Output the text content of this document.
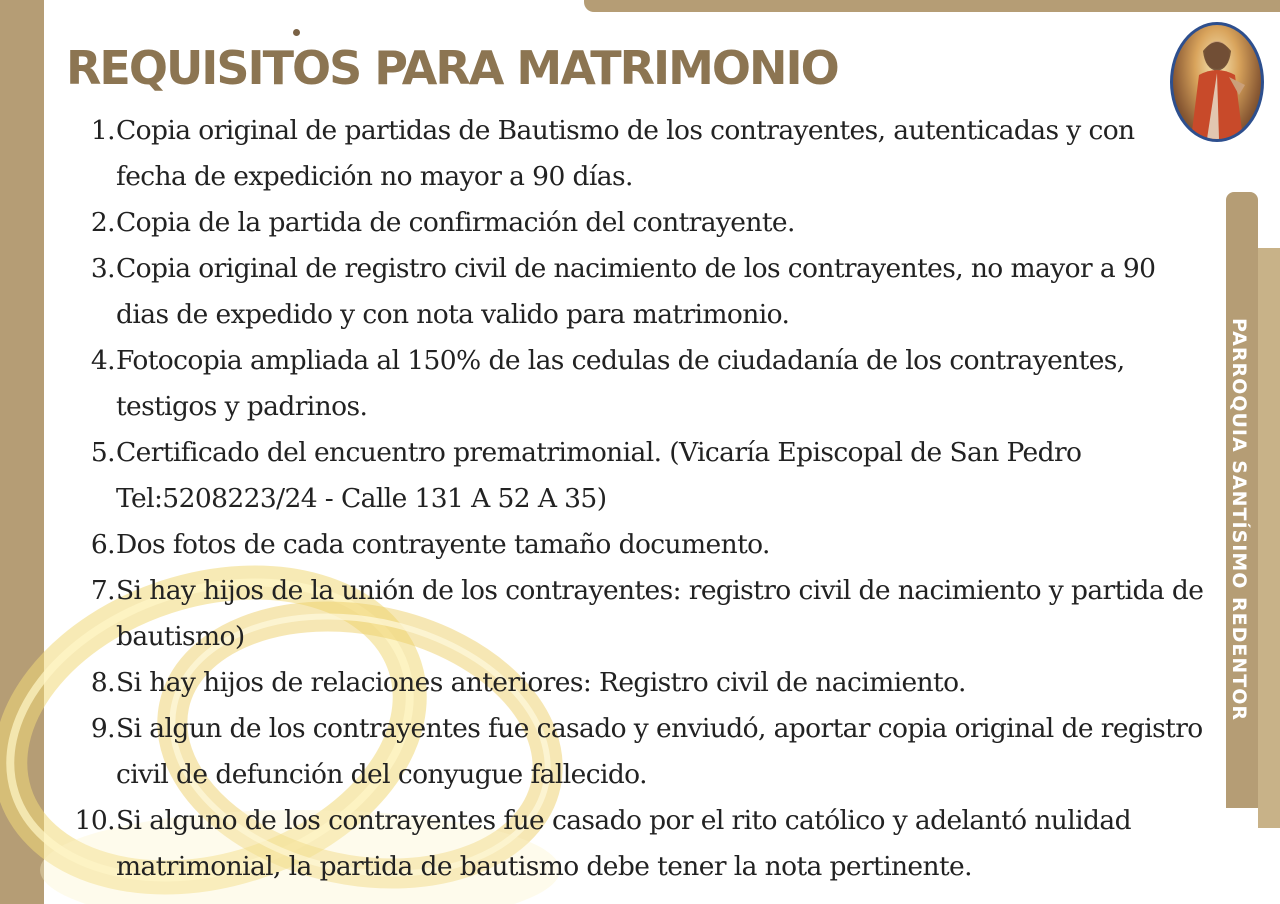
REQUISITOS PARA MATRIMONIO
PARROQUIA SANTÍSIMO REDENTOR
1. Copia original de partidas de Bautismo de los contrayentes, autenticadas y con fecha de expedición no mayor a 90 días.
2. Copia de la partida de confirmación del contrayente.
3. Copia original de registro civil de nacimiento de los contrayentes, no mayor a 90 dias de expedido y con nota valido para matrimonio.
4. Fotocopia ampliada al 150% de las cedulas de ciudadanía de los contrayentes, testigos y padrinos.
5. Certificado del encuentro prematrimonial. (Vicaría Episcopal de San Pedro Tel:5208223/24 - Calle 131 A 52 A 35)
6. Dos fotos de cada contrayente tamaño documento.
7. Si hay hijos de la unión de los contrayentes: registro civil de nacimiento y partida de bautismo)
8. Si hay hijos de relaciones anteriores: Registro civil de nacimiento.
9. Si algun de los contrayentes fue casado y enviudó, aportar copia original de registro civil de defunción del conyugue fallecido.
10. Si alguno de los contrayentes fue casado por el rito católico y adelantó nulidad matrimonial, la partida de bautismo debe tener la nota pertinente.
